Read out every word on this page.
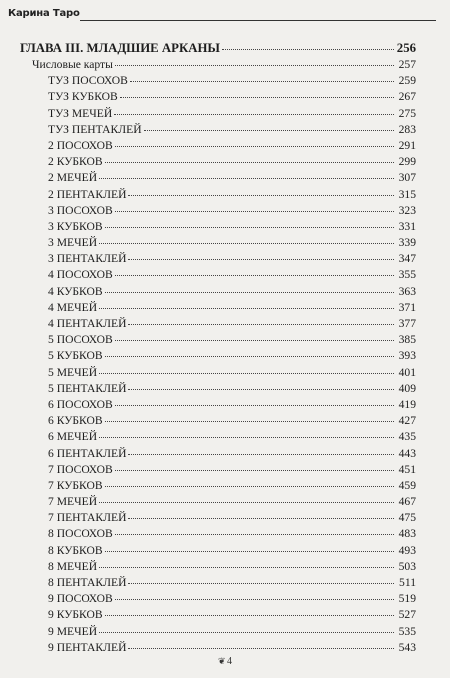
Карина Таро
ГЛАВА III. МЛАДШИЕ АРКАНЫ	256
Числовые карты	257
ТУЗ ПОСОХОВ	259
ТУЗ КУБКОВ	267
ТУЗ МЕЧЕЙ	275
ТУЗ ПЕНТАКЛЕЙ	283
2 ПОСОХОВ	291
2 КУБКОВ	299
2 МЕЧЕЙ	307
2 ПЕНТАКЛЕЙ	315
3 ПОСОХОВ	323
3 КУБКОВ	331
3 МЕЧЕЙ	339
3 ПЕНТАКЛЕЙ	347
4 ПОСОХОВ	355
4 КУБКОВ	363
4 МЕЧЕЙ	371
4 ПЕНТАКЛЕЙ	377
5 ПОСОХОВ	385
5 КУБКОВ	393
5 МЕЧЕЙ	401
5 ПЕНТАКЛЕЙ	409
6 ПОСОХОВ	419
6 КУБКОВ	427
6 МЕЧЕЙ	435
6 ПЕНТАКЛЕЙ	443
7 ПОСОХОВ	451
7 КУБКОВ	459
7 МЕЧЕЙ	467
7 ПЕНТАКЛЕЙ	475
8 ПОСОХОВ	483
8 КУБКОВ	493
8 МЕЧЕЙ	503
8 ПЕНТАКЛЕЙ	511
9 ПОСОХОВ	519
9 КУБКОВ	527
9 МЕЧЕЙ	535
9 ПЕНТАКЛЕЙ	543
❦ 4
